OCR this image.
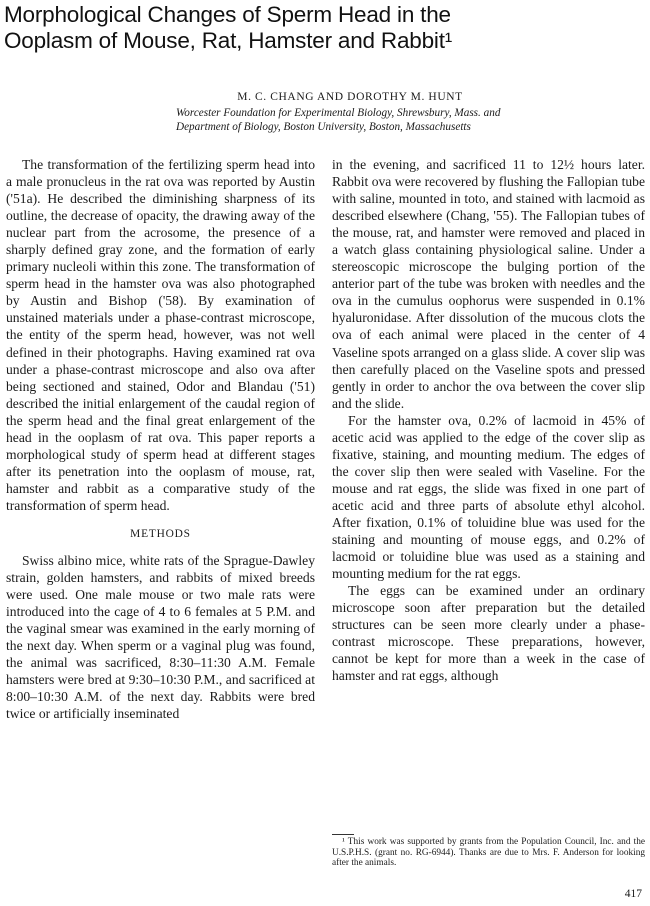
Morphological Changes of Sperm Head in the
Ooplasm of Mouse, Rat, Hamster and Rabbit¹
M. C. CHANG AND DOROTHY M. HUNT
Worcester Foundation for Experimental Biology, Shrewsbury, Mass. and
Department of Biology, Boston University, Boston, Massachusetts

The transformation of the fertilizing sperm head into a male pronucleus in the rat ova was reported by Austin ('51a). He described the diminishing sharpness of its outline, the decrease of opacity, the drawing away of the nuclear part from the acrosome, the presence of a sharply defined gray zone, and the formation of early primary nucleoli within this zone. The transformation of sperm head in the hamster ova was also photographed by Austin and Bishop ('58). By examination of unstained materials under a phase-contrast microscope, the entity of the sperm head, however, was not well defined in their photographs. Having examined rat ova under a phase-contrast microscope and also ova after being sectioned and stained, Odor and Blandau ('51) described the initial enlargement of the caudal region of the sperm head and the final great enlargement of the head in the ooplasm of rat ova. This paper reports a morphological study of sperm head at different stages after its penetration into the ooplasm of mouse, rat, hamster and rabbit as a comparative study of the transformation of sperm head.

METHODS

Swiss albino mice, white rats of the Sprague-Dawley strain, golden hamsters, and rabbits of mixed breeds were used. One male mouse or two male rats were introduced into the cage of 4 to 6 females at 5 P.M. and the vaginal smear was examined in the early morning of the next day. When sperm or a vaginal plug was found, the animal was sacrificed, 8:30–11:30 A.M. Female hamsters were bred at 9:30–10:30 P.M., and sacrificed at 8:00–10:30 A.M. of the next day. Rabbits were bred twice or artificially inseminated

in the evening, and sacrificed 11 to 12½ hours later. Rabbit ova were recovered by flushing the Fallopian tube with saline, mounted in toto, and stained with lacmoid as described elsewhere (Chang, '55). The Fallopian tubes of the mouse, rat, and hamster were removed and placed in a watch glass containing physiological saline. Under a stereoscopic microscope the bulging portion of the anterior part of the tube was broken with needles and the ova in the cumulus oophorus were suspended in 0.1% hyaluronidase. After dissolution of the mucous clots the ova of each animal were placed in the center of 4 Vaseline spots arranged on a glass slide. A cover slip was then carefully placed on the Vaseline spots and pressed gently in order to anchor the ova between the cover slip and the slide.

For the hamster ova, 0.2% of lacmoid in 45% of acetic acid was applied to the edge of the cover slip as fixative, staining, and mounting medium. The edges of the cover slip then were sealed with Vaseline. For the mouse and rat eggs, the slide was fixed in one part of acetic acid and three parts of absolute ethyl alcohol. After fixation, 0.1% of toluidine blue was used for the staining and mounting of mouse eggs, and 0.2% of lacmoid or toluidine blue was used as a staining and mounting medium for the rat eggs.

The eggs can be examined under an ordinary microscope soon after preparation but the detailed structures can be seen more clearly under a phase-contrast microscope. These preparations, however, cannot be kept for more than a week in the case of hamster and rat eggs, although

¹ This work was supported by grants from the Population Council, Inc. and the U.S.P.H.S. (grant no. RG-6944). Thanks are due to Mrs. F. Anderson for looking after the animals.
417
